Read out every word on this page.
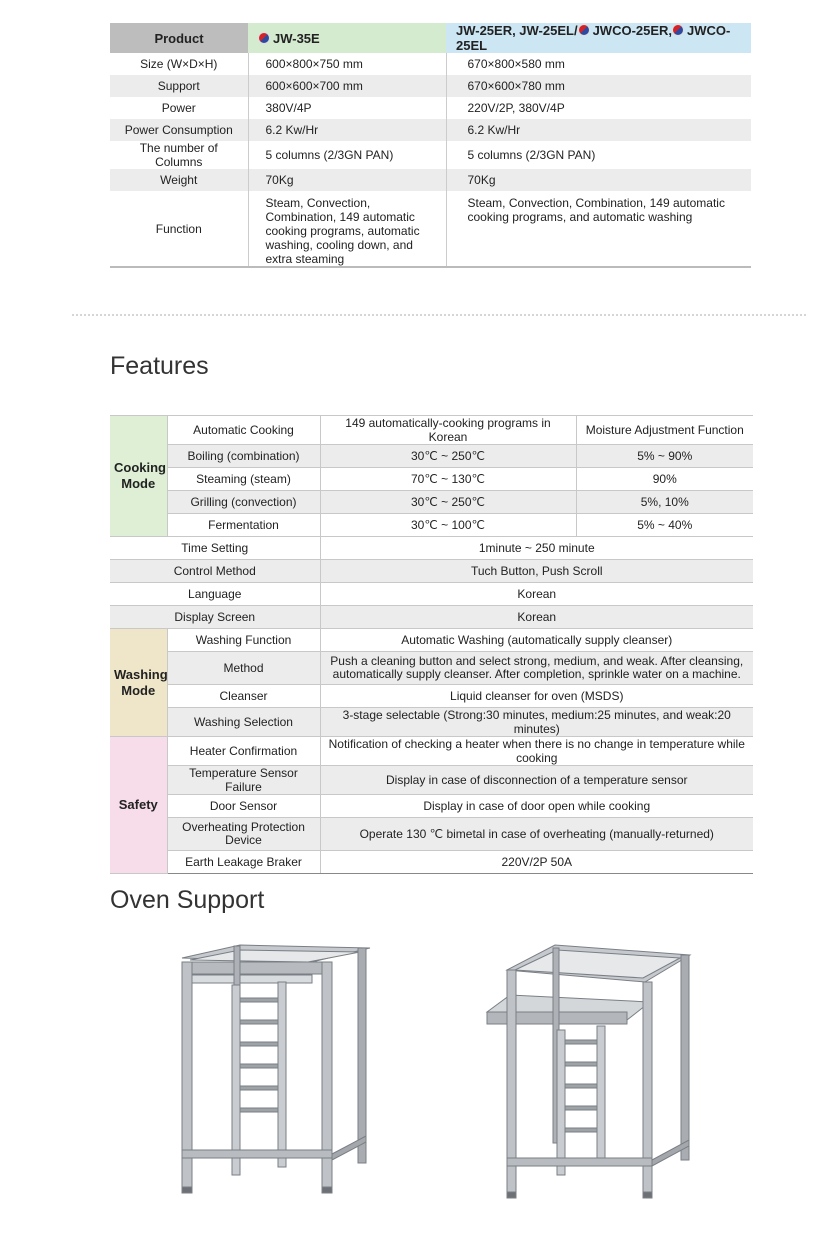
Product	JW-35E	JW-25ER, JW-25EL/ JWCO-25ER, JWCO-25EL
Size (W×D×H)	600×800×750 mm	670×800×580 mm
Support	600×600×700 mm	670×600×780 mm
Power	380V/4P	220V/2P, 380V/4P
Power Consumption	6.2 Kw/Hr	6.2 Kw/Hr
The number of Columns	5 columns (2/3GN PAN)	5 columns (2/3GN PAN)
Weight	70Kg	70Kg
Function	Steam, Convection, Combination, 149 automatic cooking programs, automatic washing, cooling down, and extra steaming	Steam, Convection, Combination, 149 automatic cooking programs, and automatic washing
Features
Cooking Mode	Automatic Cooking	149 automatically-cooking programs in Korean	Moisture Adjustment Function
	Boiling (combination)	30℃ ~ 250℃	5% ~ 90%
	Steaming (steam)	70℃ ~ 130℃	90%
	Grilling (convection)	30℃ ~ 250℃	5%, 10%
	Fermentation	30℃ ~ 100℃	5% ~ 40%
Time Setting		1minute ~ 250 minute	
Control Method		Tuch Button, Push Scroll	
Language		Korean	
Display Screen		Korean	
Washing Mode	Washing Function	Automatic Washing (automatically supply cleanser)	
	Method	Push a cleaning button and select strong, medium, and weak. After cleansing, automatically supply cleanser. After completion, sprinkle water on a machine.	
	Cleanser	Liquid cleanser for oven (MSDS)	
	Washing Selection	3-stage selectable (Strong:30 minutes, medium:25 minutes, and weak:20 minutes)	
Safety	Heater Confirmation	Notification of checking a heater when there is no change in temperature while cooking	
	Temperature Sensor Failure	Display in case of disconnection of a temperature sensor	
	Door Sensor	Display in case of door open while cooking	
	Overheating Protection Device	Operate 130 ℃ bimetal in case of overheating (manually-returned)	
	Earth Leakage Braker	220V/2P 50A	
Oven Support
